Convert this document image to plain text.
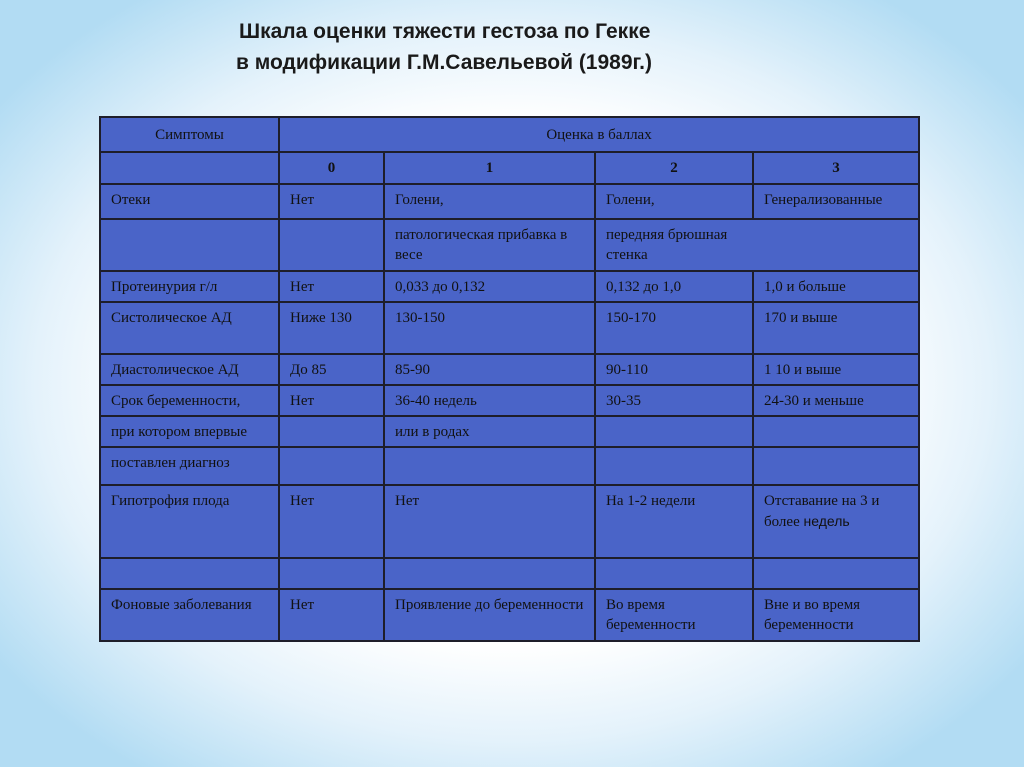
Шкала оценки тяжести гестоза по Гекке
в модификации Г.М.Савельевой (1989г.)
Симптомы	Оценка в баллах			
	0	1	2	3
Отеки	Нет	Голени,	Голени,	Генерализованные
		патологическая прибавка в весе	передняя брюшная стенка	

Протеинурия г/л	Нет	0,033 до 0,132	0,132 до 1,0	1,0 и больше
Систолическое АД	Ниже 130	130-150	150-170	170 и выше
Диастолическое АД	До 85	85-90	90-110	1 10 и выше
Срок беременности,	Нет	36-40 недель	30-35	24-30 и меньше
при котором впервые		или в родах		
поставлен диагноз				
Гипотрофия плода	Нет	Нет	На 1-2 недели	Отставание на 3 и более недель

Фоновые заболевания	Нет	Проявление до беременности	Во время беременности	Вне и во время беременности
